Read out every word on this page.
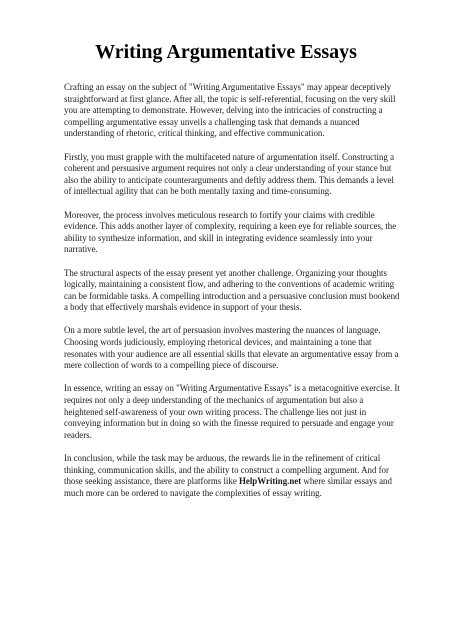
Writing Argumentative Essays

Crafting an essay on the subject of "Writing Argumentative Essays" may appear deceptively straightforward at first glance. After all, the topic is self-referential, focusing on the very skill you are attempting to demonstrate. However, delving into the intricacies of constructing a compelling argumentative essay unveils a challenging task that demands a nuanced understanding of rhetoric, critical thinking, and effective communication.

Firstly, you must grapple with the multifaceted nature of argumentation itself. Constructing a coherent and persuasive argument requires not only a clear understanding of your stance but also the ability to anticipate counterarguments and deftly address them. This demands a level of intellectual agility that can be both mentally taxing and time-consuming.

Moreover, the process involves meticulous research to fortify your claims with credible evidence. This adds another layer of complexity, requiring a keen eye for reliable sources, the ability to synthesize information, and skill in integrating evidence seamlessly into your narrative.

The structural aspects of the essay present yet another challenge. Organizing your thoughts logically, maintaining a consistent flow, and adhering to the conventions of academic writing can be formidable tasks. A compelling introduction and a persuasive conclusion must bookend a body that effectively marshals evidence in support of your thesis.

On a more subtle level, the art of persuasion involves mastering the nuances of language. Choosing words judiciously, employing rhetorical devices, and maintaining a tone that resonates with your audience are all essential skills that elevate an argumentative essay from a mere collection of words to a compelling piece of discourse.

In essence, writing an essay on "Writing Argumentative Essays" is a metacognitive exercise. It requires not only a deep understanding of the mechanics of argumentation but also a heightened self-awareness of your own writing process. The challenge lies not just in conveying information but in doing so with the finesse required to persuade and engage your readers.

In conclusion, while the task may be arduous, the rewards lie in the refinement of critical thinking, communication skills, and the ability to construct a compelling argument. And for those seeking assistance, there are platforms like HelpWriting.net where similar essays and much more can be ordered to navigate the complexities of essay writing.
